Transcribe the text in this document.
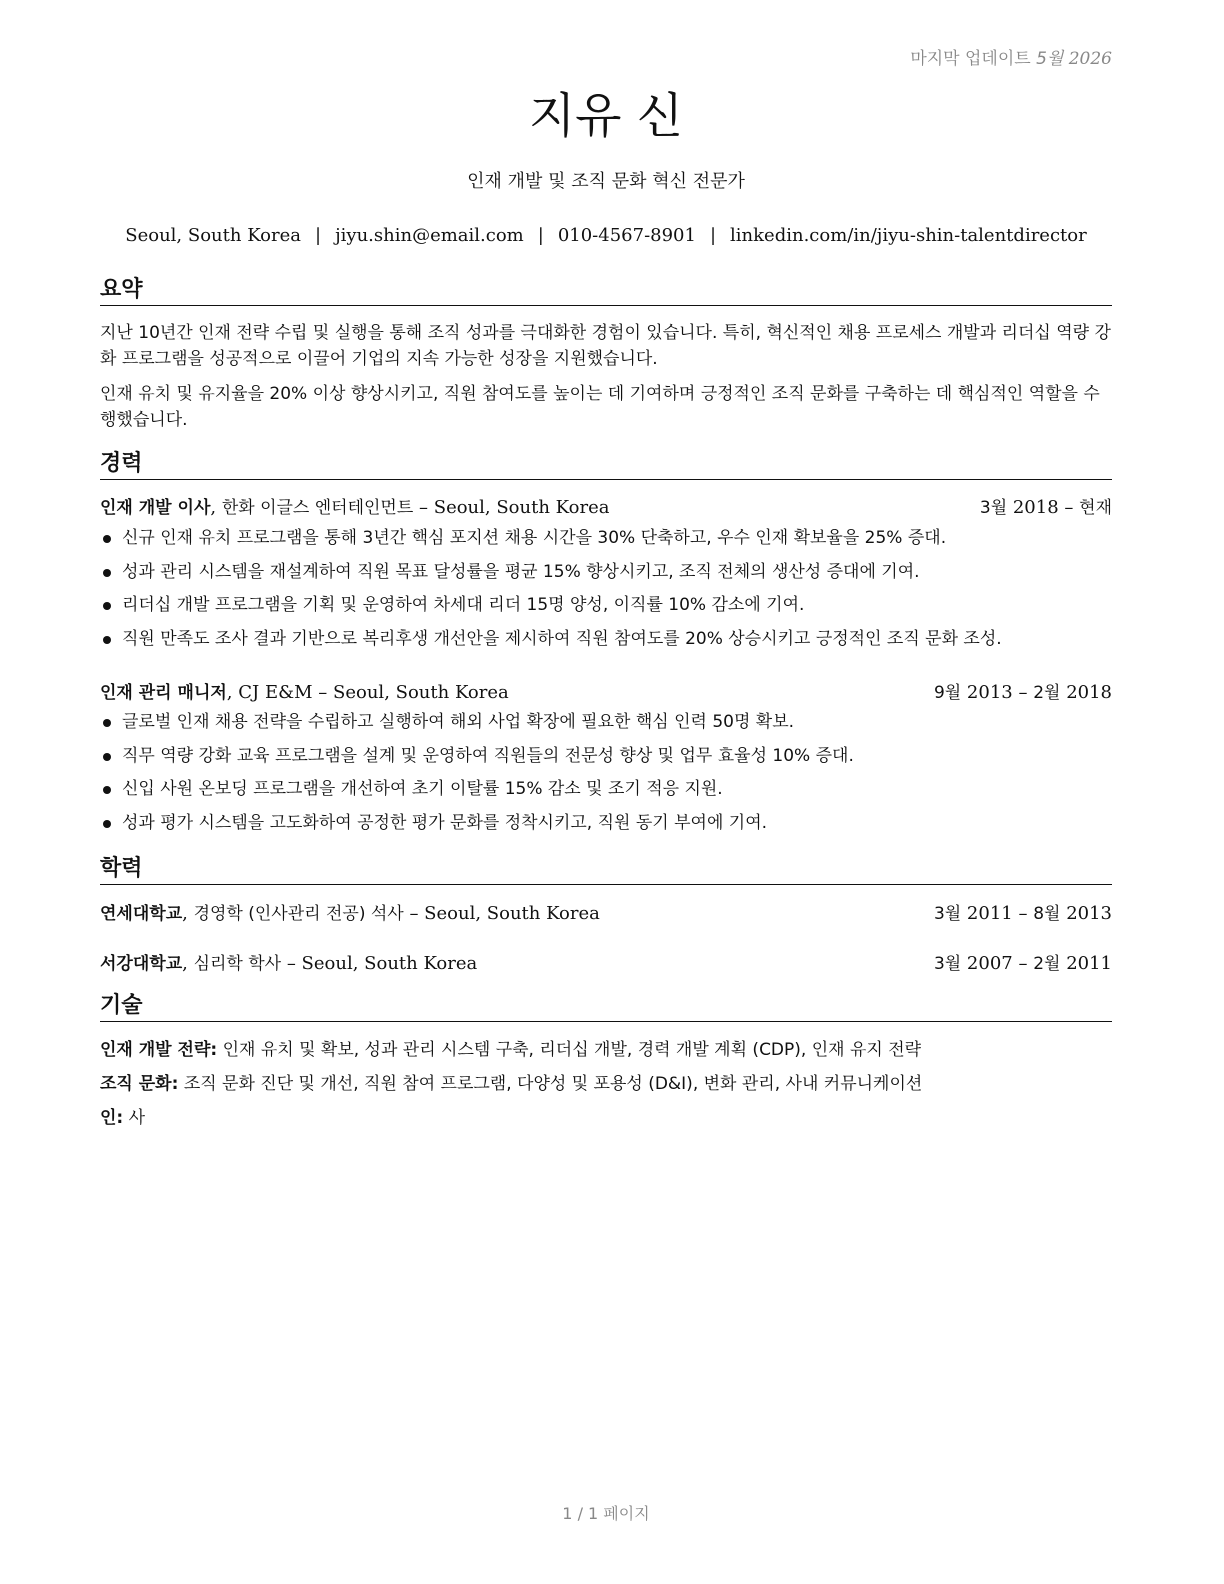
마지막 업데이트 5월 2026
지유 신
인재 개발 및 조직 문화 혁신 전문가
Seoul, South Korea | jiyu.shin@email.com | 010-4567-8901 | linkedin.com/in/jiyu-shin-talentdirector
요약
지난 10년간 인재 전략 수립 및 실행을 통해 조직 성과를 극대화한 경험이 있습니다. 특히, 혁신적인 채용 프로세스 개발과 리더십 역량 강화 프로그램을 성공적으로 이끌어 기업의 지속 가능한 성장을 지원했습니다.
인재 유치 및 유지율을 20% 이상 향상시키고, 직원 참여도를 높이는 데 기여하며 긍정적인 조직 문화를 구축하는 데 핵심적인 역할을 수행했습니다.
경력
인재 개발 이사, 한화 이글스 엔터테인먼트 – Seoul, South Korea	3월 2018 – 현재
신규 인재 유치 프로그램을 통해 3년간 핵심 포지션 채용 시간을 30% 단축하고, 우수 인재 확보율을 25% 증대.
성과 관리 시스템을 재설계하여 직원 목표 달성률을 평균 15% 향상시키고, 조직 전체의 생산성 증대에 기여.
리더십 개발 프로그램을 기획 및 운영하여 차세대 리더 15명 양성, 이직률 10% 감소에 기여.
직원 만족도 조사 결과 기반으로 복리후생 개선안을 제시하여 직원 참여도를 20% 상승시키고 긍정적인 조직 문화 조성.
인재 관리 매니저, CJ E&M – Seoul, South Korea	9월 2013 – 2월 2018
글로벌 인재 채용 전략을 수립하고 실행하여 해외 사업 확장에 필요한 핵심 인력 50명 확보.
직무 역량 강화 교육 프로그램을 설계 및 운영하여 직원들의 전문성 향상 및 업무 효율성 10% 증대.
신입 사원 온보딩 프로그램을 개선하여 초기 이탈률 15% 감소 및 조기 적응 지원.
성과 평가 시스템을 고도화하여 공정한 평가 문화를 정착시키고, 직원 동기 부여에 기여.
학력
연세대학교, 경영학 (인사관리 전공) 석사 – Seoul, South Korea	3월 2011 – 8월 2013
서강대학교, 심리학 학사 – Seoul, South Korea	3월 2007 – 2월 2011
기술
인재 개발 전략: 인재 유치 및 확보, 성과 관리 시스템 구축, 리더십 개발, 경력 개발 계획 (CDP), 인재 유지 전략
조직 문화: 조직 문화 진단 및 개선, 직원 참여 프로그램, 다양성 및 포용성 (D&I), 변화 관리, 사내 커뮤니케이션
인: 사
1 / 1 페이지
